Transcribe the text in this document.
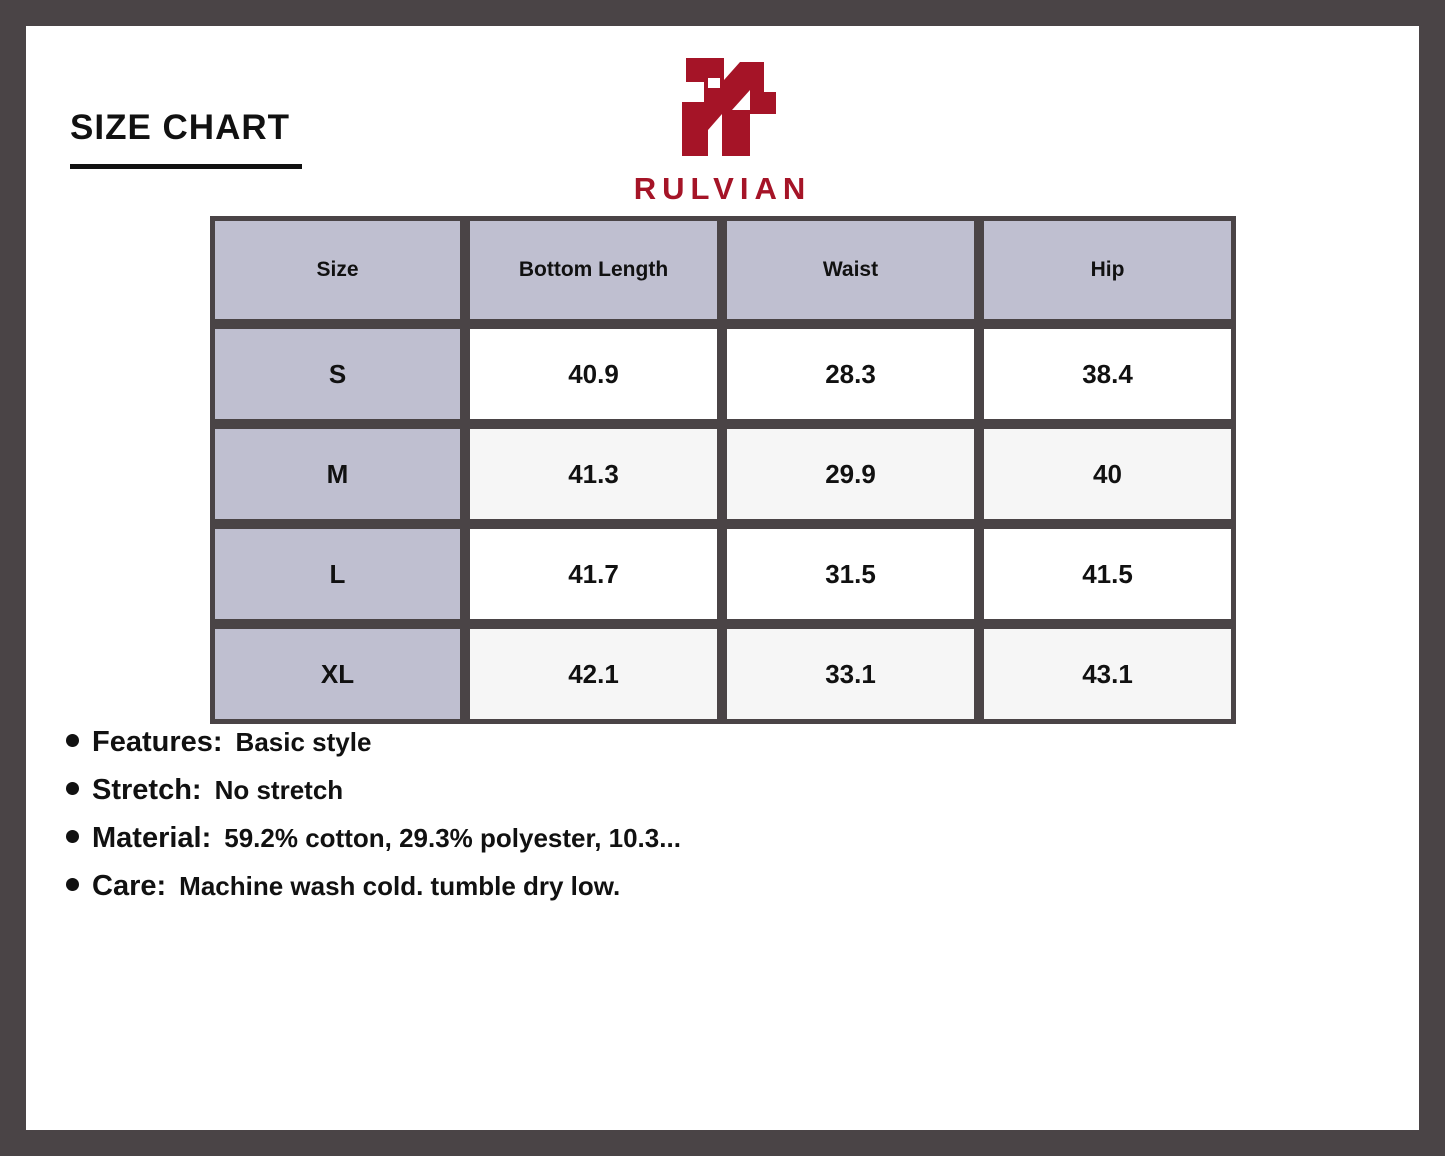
SIZE CHART
RULVIAN
Size	Bottom Length	Waist	Hip
S	40.9	28.3	38.4
M	41.3	29.9	40
L	41.7	31.5	41.5
XL	42.1	33.1	43.1
Features: Basic style
Stretch: No stretch
Material: 59.2% cotton, 29.3% polyester, 10.3...
Care: Machine wash cold. tumble dry low.
